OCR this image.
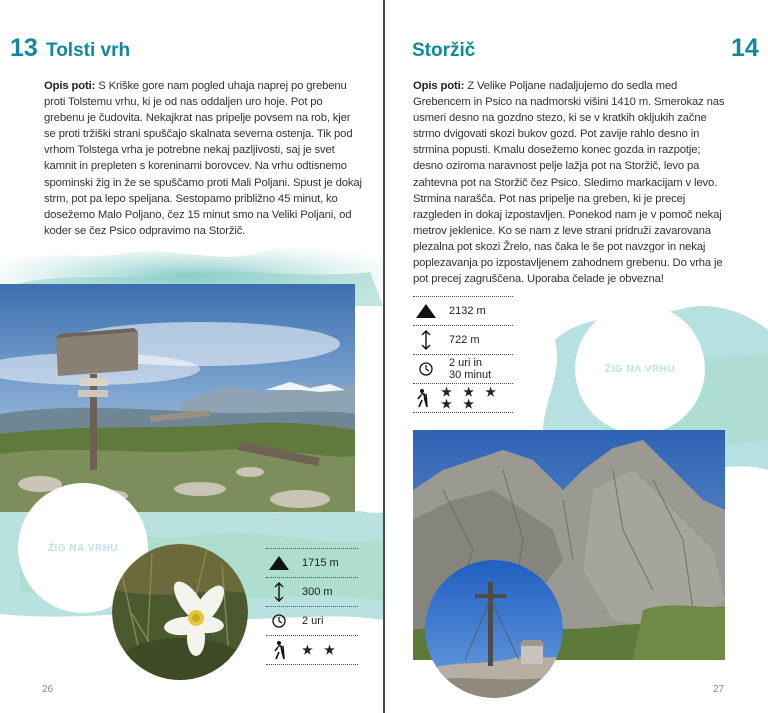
13 Tolsti vrh
Opis poti: S Kriške gore nam pogled uhaja naprej po grebenu proti Tolstemu vrhu, ki je od nas oddaljen uro hoje. Pot po grebenu je čudovita. Nekajkrat nas pripelje povsem na rob, kjer se proti tržiški strani spuščajo skalnata severna ostenja. Tik pod vrhom Tolstega vrha je potrebne nekaj pazljivosti, saj je svet kamnit in prepleten s koreninami borovcev. Na vrhu odtisnemo spominski žig in že se spuščamo proti Mali Poljani. Spust je dokaj strm, pot pa lepo speljana. Sestopamo približno 45 minut, ko dosežemo Malo Poljano, čez 15 minut smo na Veliki Poljani, od koder se čez Psico odpravimo na Storžič.
ŽIG NA VRHU
1715 m
300 m
2 uri
★ ★
26
Storžič	14
Opis poti: Z Velike Poljane nadaljujemo do sedla med Grebencem in Psico na nadmorski višini 1410 m. Smerokaz nas usmeri desno na gozdno stezo, ki se v kratkih okljukih začne strmo dvigovati skozi bukov gozd. Pot zavije rahlo desno in strmina popusti. Kmalu dosežemo konec gozda in razpotje; desno oziroma naravnost pelje lažja pot na Storžič, levo pa zahtevna pot na Storžič čez Psico. Sledimo markacijam v levo. Strmina narašča. Pot nas pripelje na greben, ki je precej razgleden in dokaj izpostavljen. Ponekod nam je v pomoč nekaj metrov jeklenice. Ko se nam z leve strani pridruži zavarovana plezalna pot skozi Žrelo, nas čaka le še pot navzgor in nekaj poplezavanja po izpostavljenem zahodnem grebenu. Do vrha je pot precej zagruščena. Uporaba čelade je obvezna!
2132 m
722 m
2 uri in
30 minut
★ ★ ★ ★ ★
ŽIG NA VRHU
27
